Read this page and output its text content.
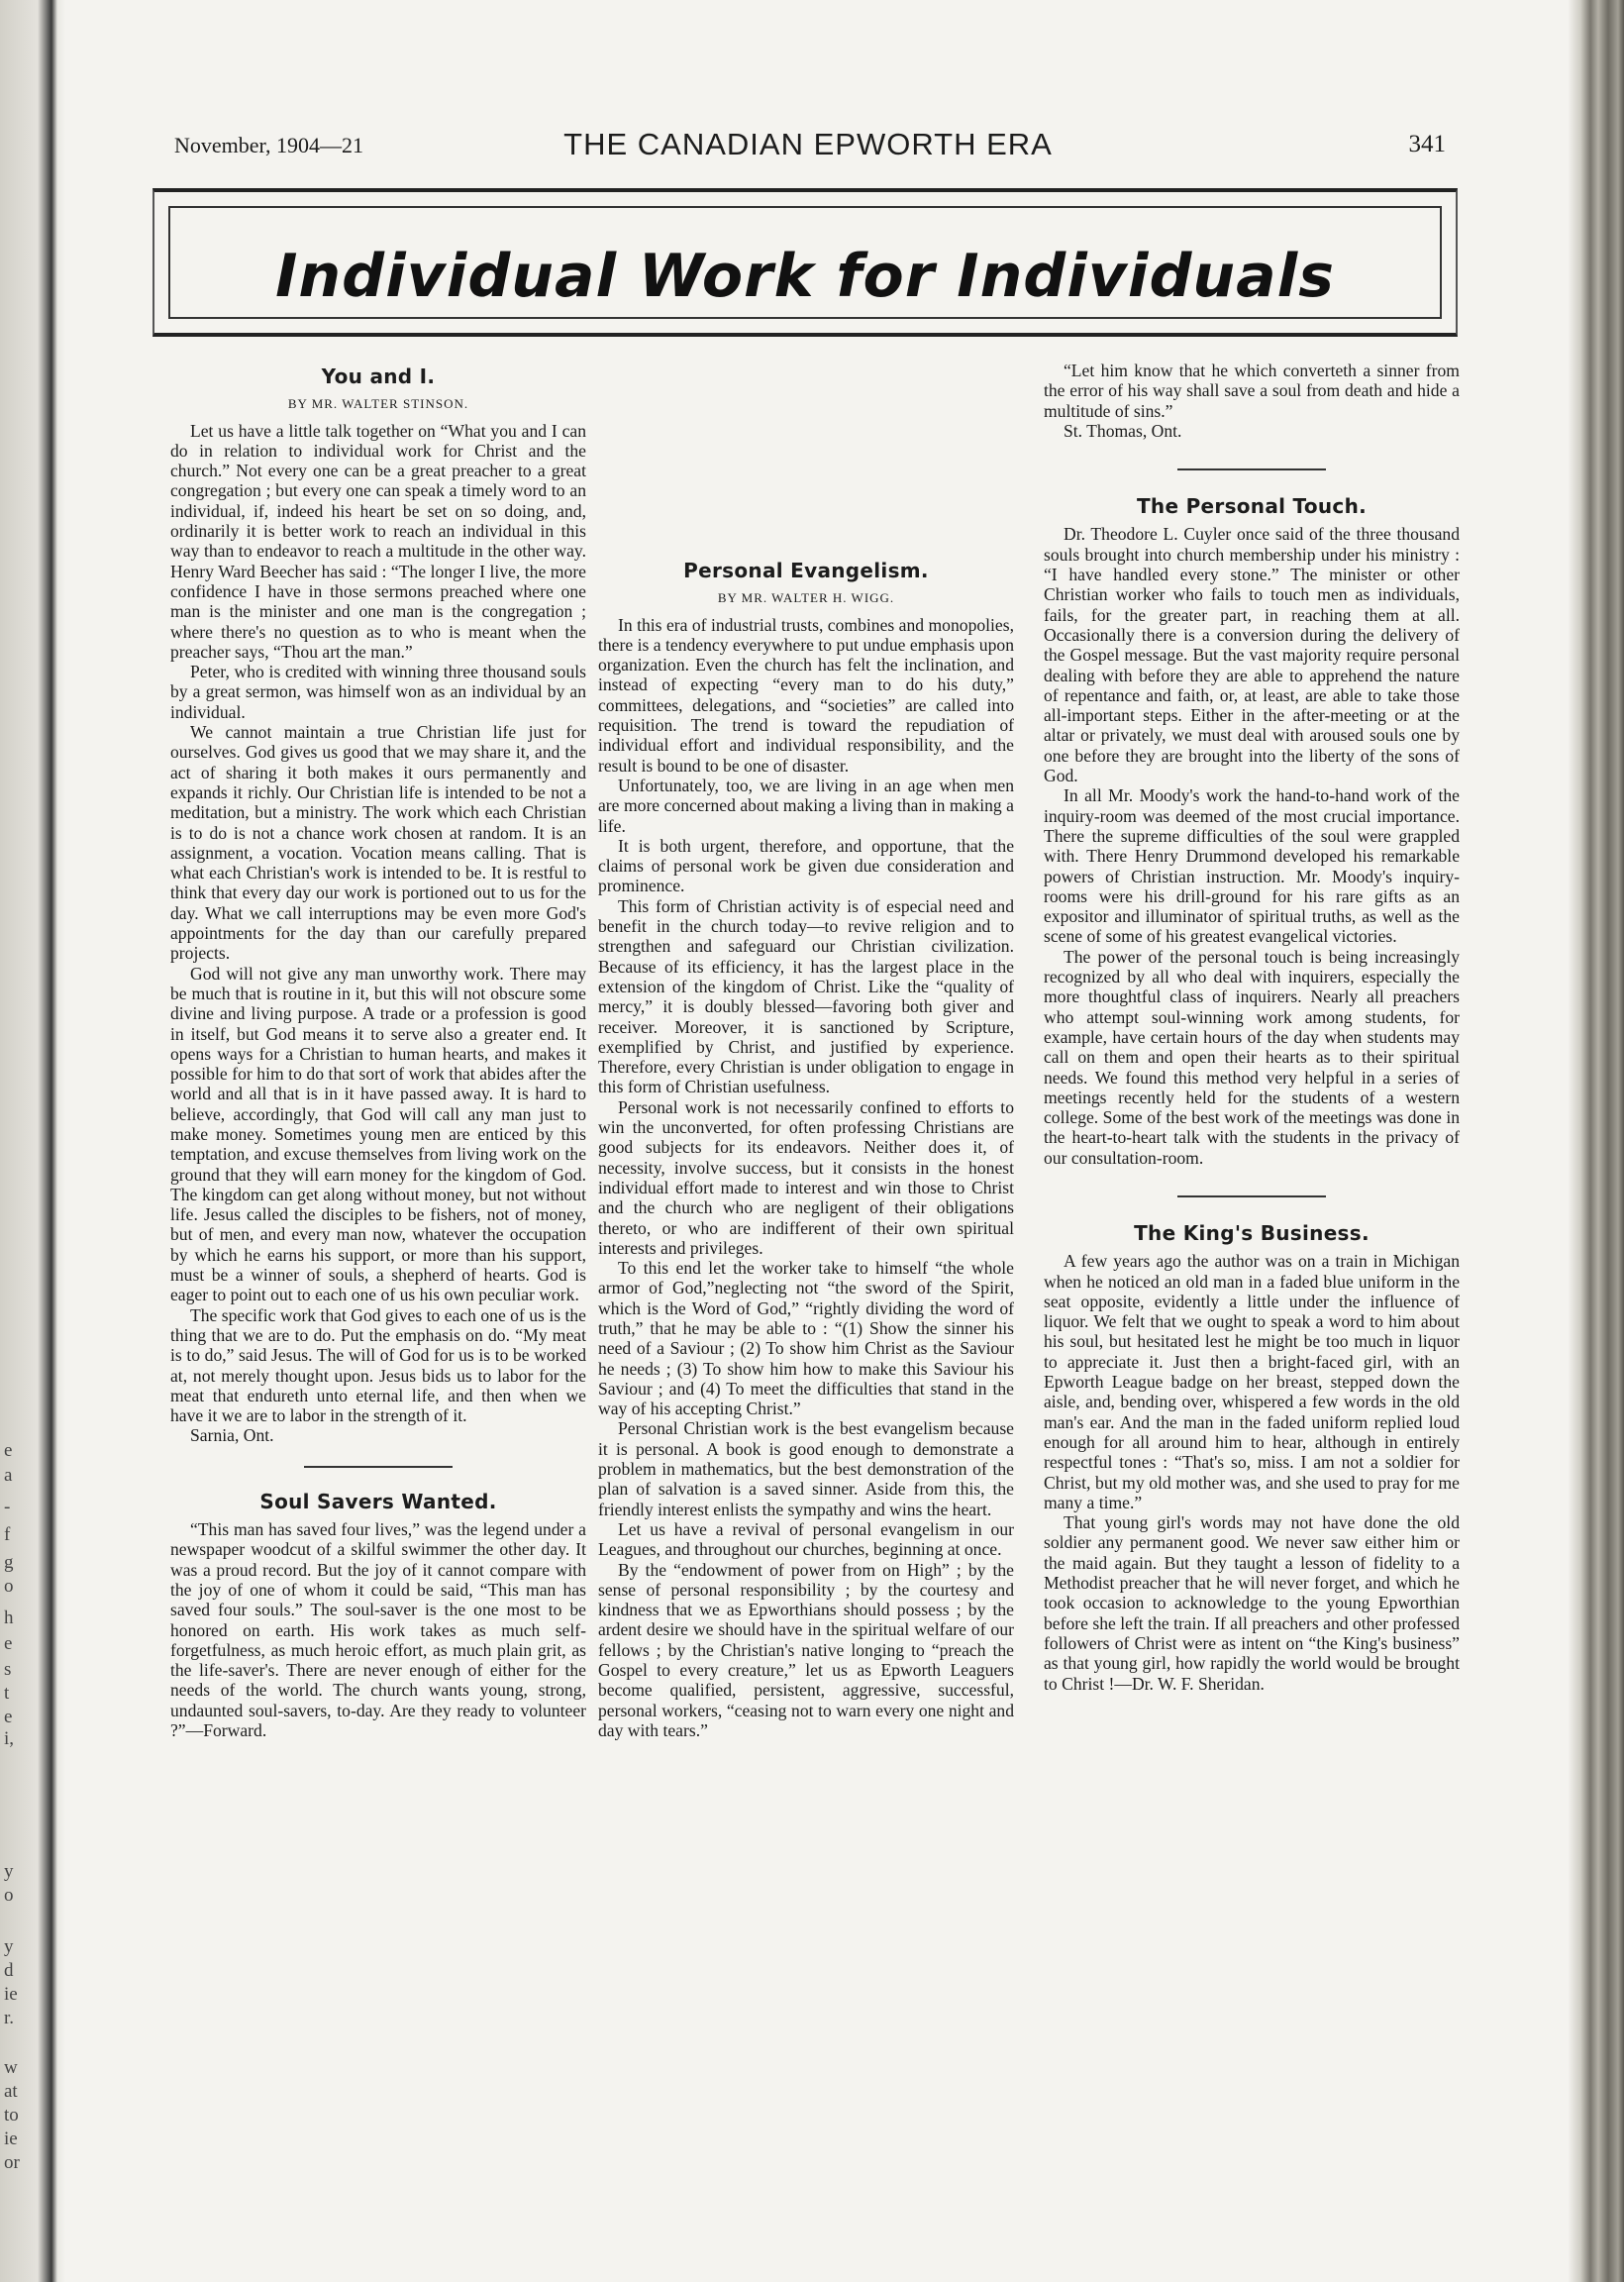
e
a
-
f
g
o
h
e
s
t
e
i,
y
o
y
d
ie
r.
w
at
to
ie
or
November, 1904—21	THE CANADIAN EPWORTH ERA	341
Individual Work for Individuals
You and I.
BY MR. WALTER STINSON.

Let us have a little talk together on “What you and I can do in relation to individual work for Christ and the church.” Not every one can be a great preacher to a great congregation ; but every one can speak a timely word to an individual, if, indeed his heart be set on so doing, and, ordinarily it is better work to reach an individual in this way than to endeavor to reach a multitude in the other way. Henry Ward Beecher has said : “The longer I live, the more confidence I have in those sermons preached where one man is the minister and one man is the congregation ; where there's no question as to who is meant when the preacher says, “Thou art the man.”

Peter, who is credited with winning three thousand souls by a great sermon, was himself won as an individual by an individual.

We cannot maintain a true Christian life just for ourselves. God gives us good that we may share it, and the act of sharing it both makes it ours permanently and expands it richly. Our Christian life is intended to be not a meditation, but a ministry. The work which each Christian is to do is not a chance work chosen at random. It is an assignment, a vocation. Vocation means calling. That is what each Christian's work is intended to be. It is restful to think that every day our work is portioned out to us for the day. What we call interruptions may be even more God's appointments for the day than our carefully prepared projects.

God will not give any man unworthy work. There may be much that is routine in it, but this will not obscure some divine and living purpose. A trade or a profession is good in itself, but God means it to serve also a greater end. It opens ways for a Christian to human hearts, and makes it possible for him to do that sort of work that abides after the world and all that is in it have passed away. It is hard to believe, accordingly, that God will call any man just to make money. Sometimes young men are enticed by this temptation, and excuse themselves from living work on the ground that they will earn money for the kingdom of God. The kingdom can get along without money, but not without life. Jesus called the disciples to be fishers, not of money, but of men, and every man now, whatever the occupation by which he earns his support, or more than his support, must be a winner of souls, a shepherd of hearts. God is eager to point out to each one of us his own peculiar work.

The specific work that God gives to each one of us is the thing that we are to do. Put the emphasis on do. “My meat is to do,” said Jesus. The will of God for us is to be worked at, not merely thought upon. Jesus bids us to labor for the meat that endureth unto eternal life, and then when we have it we are to labor in the strength of it.

Sarnia, Ont.

Soul Savers Wanted.

“This man has saved four lives,” was the legend under a newspaper woodcut of a skilful swimmer the other day. It was a proud record. But the joy of it cannot compare with the joy of one of whom it could be said, “This man has saved four souls.” The soul-saver is the one most to be honored on earth. His work takes as much self-forgetfulness, as much heroic effort, as much plain grit, as the life-saver's. There are never enough of either for the needs of the world. The church wants young, strong, undaunted soul-savers, to-day. Are they ready to volunteer ?”—Forward.

Personal Evangelism.
BY MR. WALTER H. WIGG.

In this era of industrial trusts, combines and monopolies, there is a tendency everywhere to put undue emphasis upon organization. Even the church has felt the inclination, and instead of expecting “every man to do his duty,” committees, delegations, and “societies” are called into requisition. The trend is toward the repudiation of individual effort and individual responsibility, and the result is bound to be one of disaster.

Unfortunately, too, we are living in an age when men are more concerned about making a living than in making a life.

It is both urgent, therefore, and opportune, that the claims of personal work be given due consideration and prominence.

This form of Christian activity is of especial need and benefit in the church today—to revive religion and to strengthen and safeguard our Christian civilization. Because of its efficiency, it has the largest place in the extension of the kingdom of Christ. Like the “quality of mercy,” it is doubly blessed—favoring both giver and receiver. Moreover, it is sanctioned by Scripture, exemplified by Christ, and justified by experience. Therefore, every Christian is under obligation to engage in this form of Christian usefulness.

Personal work is not necessarily confined to efforts to win the unconverted, for often professing Christians are good subjects for its endeavors. Neither does it, of necessity, involve success, but it consists in the honest individual effort made to interest and win those to Christ and the church who are negligent of their obligations thereto, or who are indifferent of their own spiritual interests and privileges.

To this end let the worker take to himself “the whole armor of God,”neglecting not “the sword of the Spirit, which is the Word of God,” “rightly dividing the word of truth,” that he may be able to : “(1) Show the sinner his need of a Saviour ; (2) To show him Christ as the Saviour he needs ; (3) To show him how to make this Saviour his Saviour ; and (4) To meet the difficulties that stand in the way of his accepting Christ.”

Personal Christian work is the best evangelism because it is personal. A book is good enough to demonstrate a problem in mathematics, but the best demonstration of the plan of salvation is a saved sinner. Aside from this, the friendly interest enlists the sympathy and wins the heart.

Let us have a revival of personal evangelism in our Leagues, and throughout our churches, beginning at once.

By the “endowment of power from on High” ; by the sense of personal responsibility ; by the courtesy and kindness that we as Epworthians should possess ; by the ardent desire we should have in the spiritual welfare of our fellows ; by the Christian's native longing to “preach the Gospel to every creature,” let us as Epworth Leaguers become qualified, persistent, aggressive, successful, personal workers, “ceasing not to warn every one night and day with tears.”

“Let him know that he which converteth a sinner from the error of his way shall save a soul from death and hide a multitude of sins.”

St. Thomas, Ont.

The Personal Touch.

Dr. Theodore L. Cuyler once said of the three thousand souls brought into church membership under his ministry : “I have handled every stone.” The minister or other Christian worker who fails to touch men as individuals, fails, for the greater part, in reaching them at all. Occasionally there is a conversion during the delivery of the Gospel message. But the vast majority require personal dealing with before they are able to apprehend the nature of repentance and faith, or, at least, are able to take those all-important steps. Either in the after-meeting or at the altar or privately, we must deal with aroused souls one by one before they are brought into the liberty of the sons of God.

In all Mr. Moody's work the hand-to-hand work of the inquiry-room was deemed of the most crucial importance. There the supreme difficulties of the soul were grappled with. There Henry Drummond developed his remarkable powers of Christian instruction. Mr. Moody's inquiry-rooms were his drill-ground for his rare gifts as an expositor and illuminator of spiritual truths, as well as the scene of some of his greatest evangelical victories.

The power of the personal touch is being increasingly recognized by all who deal with inquirers, especially the more thoughtful class of inquirers. Nearly all preachers who attempt soul-winning work among students, for example, have certain hours of the day when students may call on them and open their hearts as to their spiritual needs. We found this method very helpful in a series of meetings recently held for the students of a western college. Some of the best work of the meetings was done in the heart-to-heart talk with the students in the privacy of our consultation-room.

The King's Business.

A few years ago the author was on a train in Michigan when he noticed an old man in a faded blue uniform in the seat opposite, evidently a little under the influence of liquor. We felt that we ought to speak a word to him about his soul, but hesitated lest he might be too much in liquor to appreciate it. Just then a bright-faced girl, with an Epworth League badge on her breast, stepped down the aisle, and, bending over, whispered a few words in the old man's ear. And the man in the faded uniform replied loud enough for all around him to hear, although in entirely respectful tones : “That's so, miss. I am not a soldier for Christ, but my old mother was, and she used to pray for me many a time.”

That young girl's words may not have done the old soldier any permanent good. We never saw either him or the maid again. But they taught a lesson of fidelity to a Methodist preacher that he will never forget, and which he took occasion to acknowledge to the young Epworthian before she left the train. If all preachers and other professed followers of Christ were as intent on “the King's business” as that young girl, how rapidly the world would be brought to Christ !—Dr. W. F. Sheridan.
